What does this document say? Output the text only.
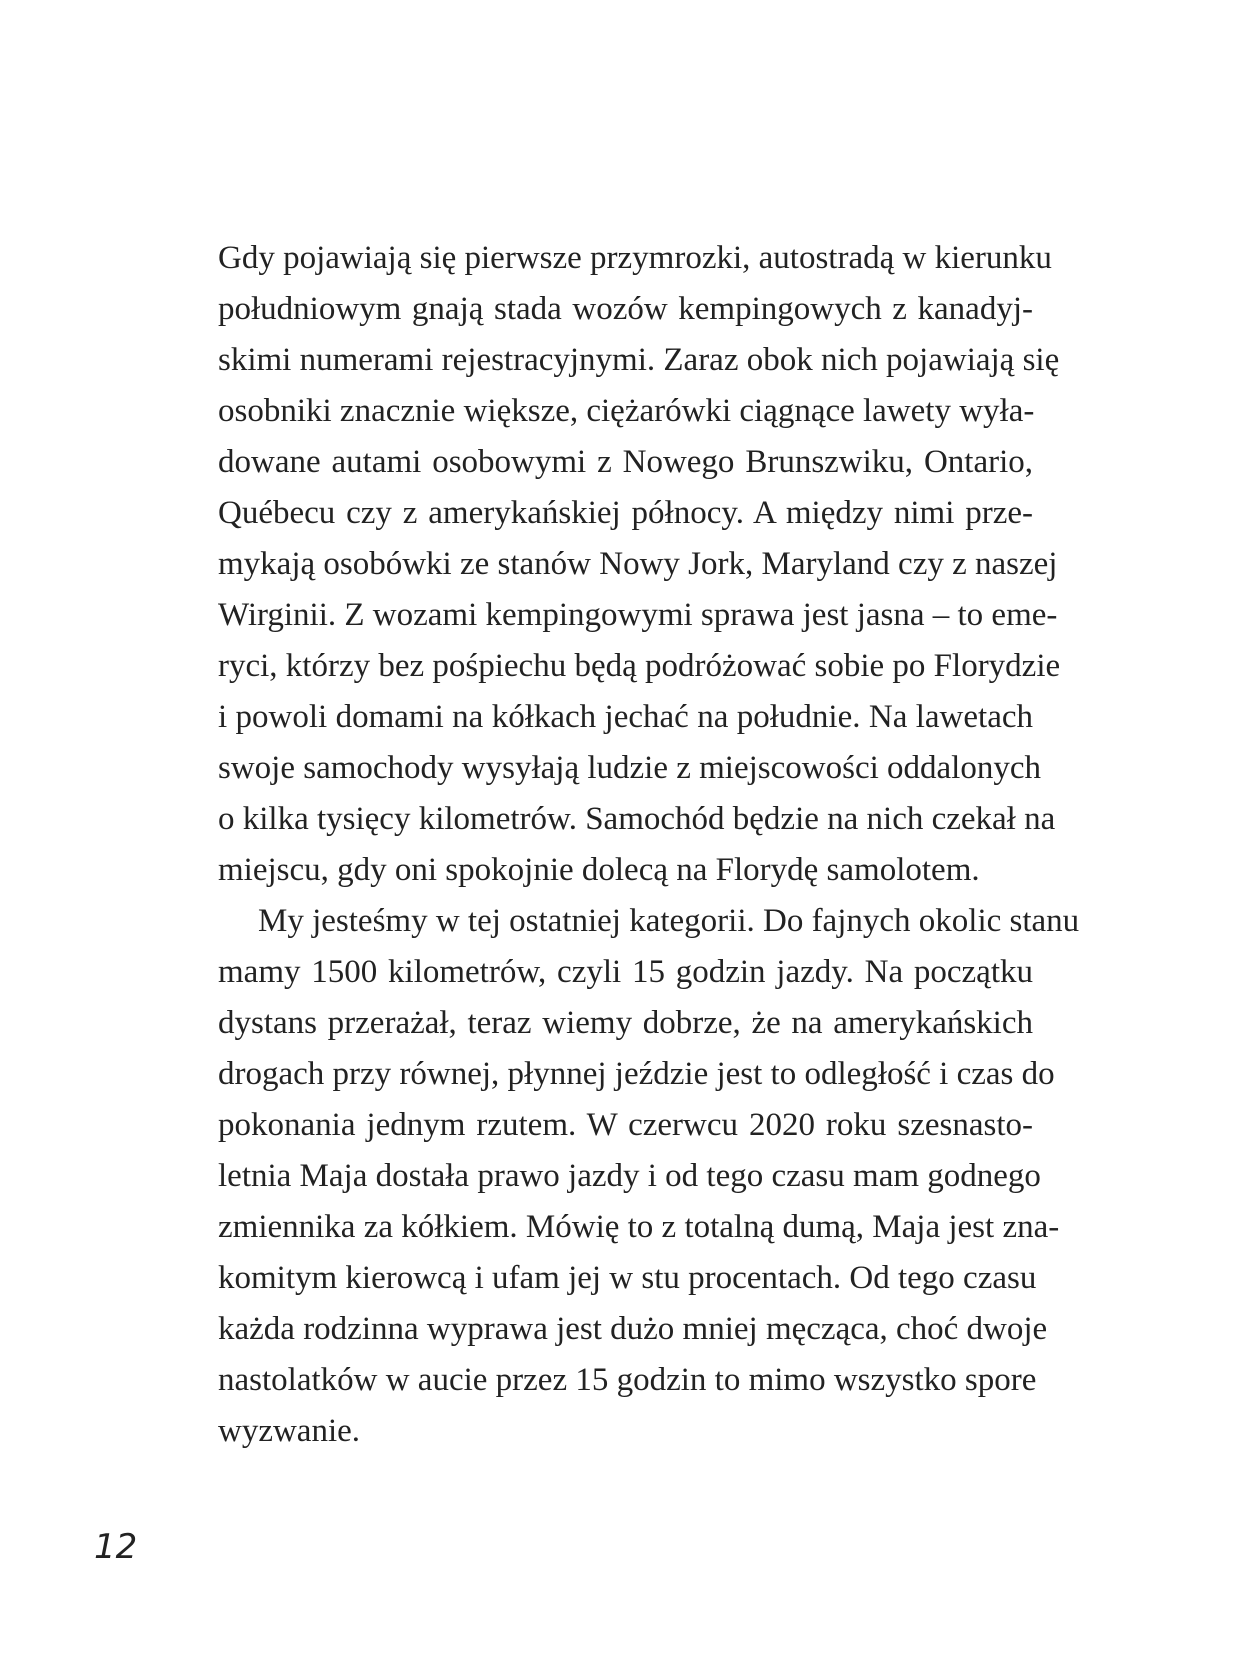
Gdy pojawiają się pierwsze przymrozki, autostradą w kierunku
południowym gnają stada wozów kempingowych z kanadyj-
skimi numerami rejestracyjnymi. Zaraz obok nich pojawiają się
osobniki znacznie większe, ciężarówki ciągnące lawety wyła-
dowane autami osobowymi z Nowego Brunszwiku, Ontario,
Québecu czy z amerykańskiej północy. A między nimi prze-
mykają osobówki ze stanów Nowy Jork, Maryland czy z naszej
Wirginii. Z wozami kempingowymi sprawa jest jasna – to eme-
ryci, którzy bez pośpiechu będą podróżować sobie po Florydzie
i powoli domami na kółkach jechać na południe. Na lawetach
swoje samochody wysyłają ludzie z miejscowości oddalonych
o kilka tysięcy kilometrów. Samochód będzie na nich czekał na
miejscu, gdy oni spokojnie dolecą na Florydę samolotem.
My jesteśmy w tej ostatniej kategorii. Do fajnych okolic stanu
mamy 1500 kilometrów, czyli 15 godzin jazdy. Na początku
dystans przerażał, teraz wiemy dobrze, że na amerykańskich
drogach przy równej, płynnej jeździe jest to odległość i czas do
pokonania jednym rzutem. W czerwcu 2020 roku szesnasto-
letnia Maja dostała prawo jazdy i od tego czasu mam godnego
zmiennika za kółkiem. Mówię to z totalną dumą, Maja jest zna-
komitym kierowcą i ufam jej w stu procentach. Od tego czasu
każda rodzinna wyprawa jest dużo mniej męcząca, choć dwoje
nastolatków w aucie przez 15 godzin to mimo wszystko spore
wyzwanie.
12
